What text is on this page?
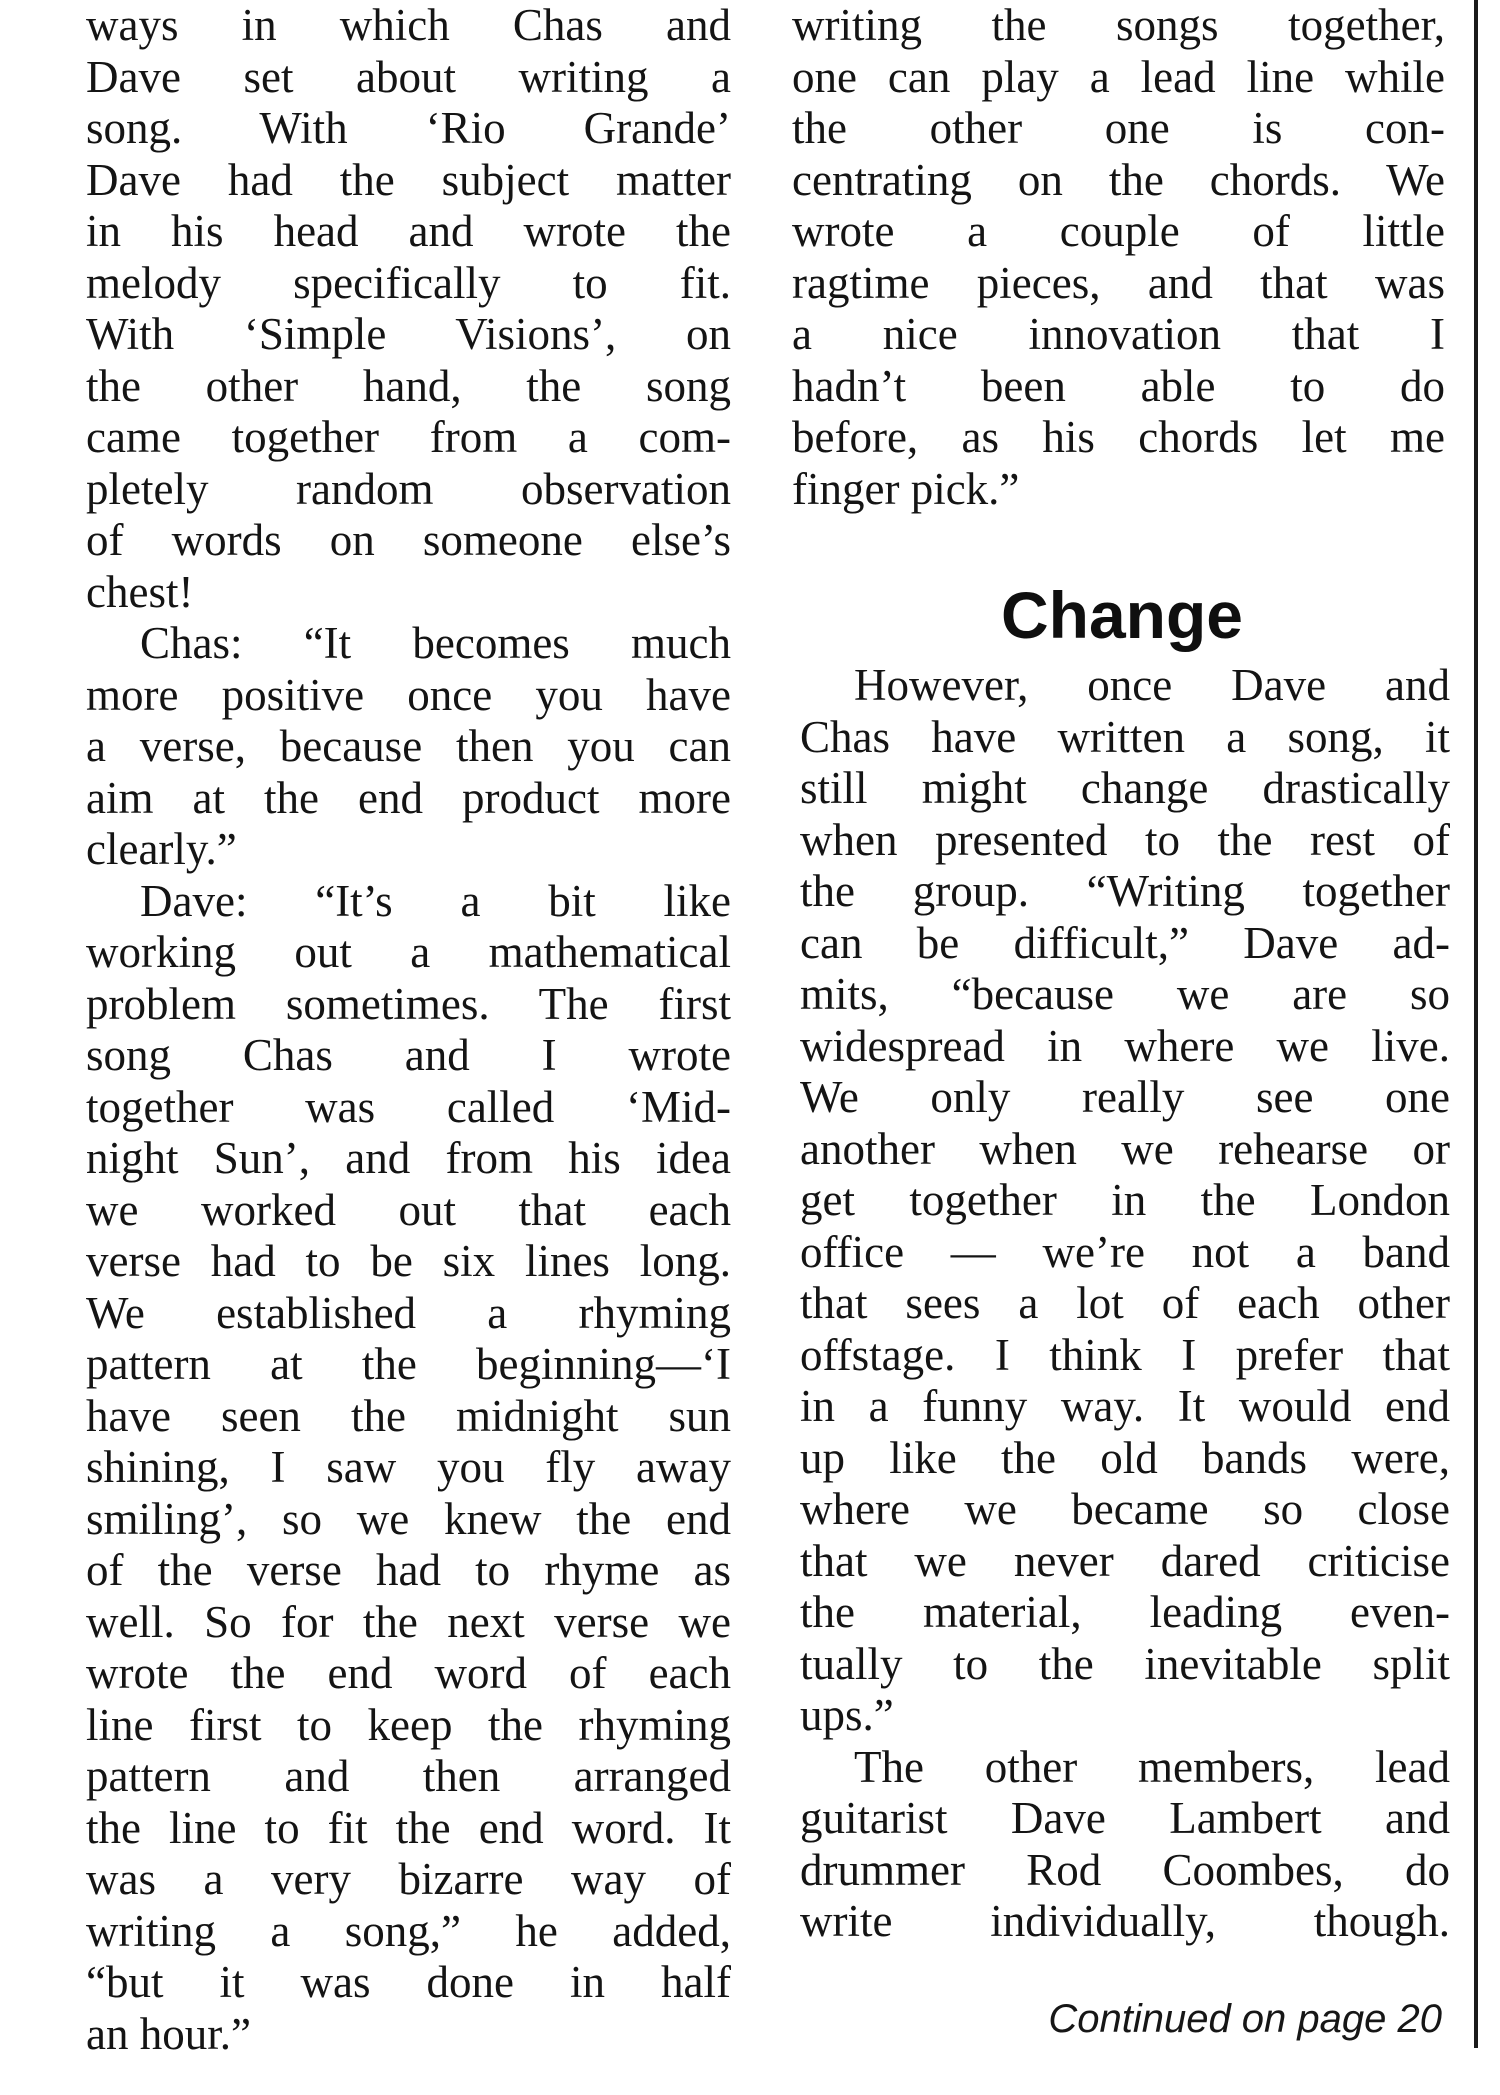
ways in which Chas and
Dave set about writing a
song. With ‘Rio Grande’
Dave had the subject matter
in his head and wrote the
melody specifically to fit.
With ‘Simple Visions’, on
the other hand, the song
came together from a com-
pletely random observation
of words on someone else’s
chest!
Chas: “It becomes much
more positive once you have
a verse, because then you can
aim at the end product more
clearly.”
Dave: “It’s a bit like
working out a mathematical
problem sometimes. The first
song Chas and I wrote
together was called ‘Mid-
night Sun’, and from his idea
we worked out that each
verse had to be six lines long.
We established a rhyming
pattern at the beginning—‘I
have seen the midnight sun
shining, I saw you fly away
smiling’, so we knew the end
of the verse had to rhyme as
well. So for the next verse we
wrote the end word of each
line first to keep the rhyming
pattern and then arranged
the line to fit the end word. It
was a very bizarre way of
writing a song,” he added,
“but it was done in half
an hour.”
writing the songs together,
one can play a lead line while
the other one is con-
centrating on the chords. We
wrote a couple of little
ragtime pieces, and that was
a nice innovation that I
hadn’t been able to do
before, as his chords let me
finger pick.”
Change
However, once Dave and
Chas have written a song, it
still might change drastically
when presented to the rest of
the group. “Writing together
can be difficult,” Dave ad-
mits, “because we are so
widespread in where we live.
We only really see one
another when we rehearse or
get together in the London
office — we’re not a band
that sees a lot of each other
offstage. I think I prefer that
in a funny way. It would end
up like the old bands were,
where we became so close
that we never dared criticise
the material, leading even-
tually to the inevitable split
ups.”
The other members, lead
guitarist Dave Lambert and
drummer Rod Coombes, do
write individually, though.
Continued on page 20
